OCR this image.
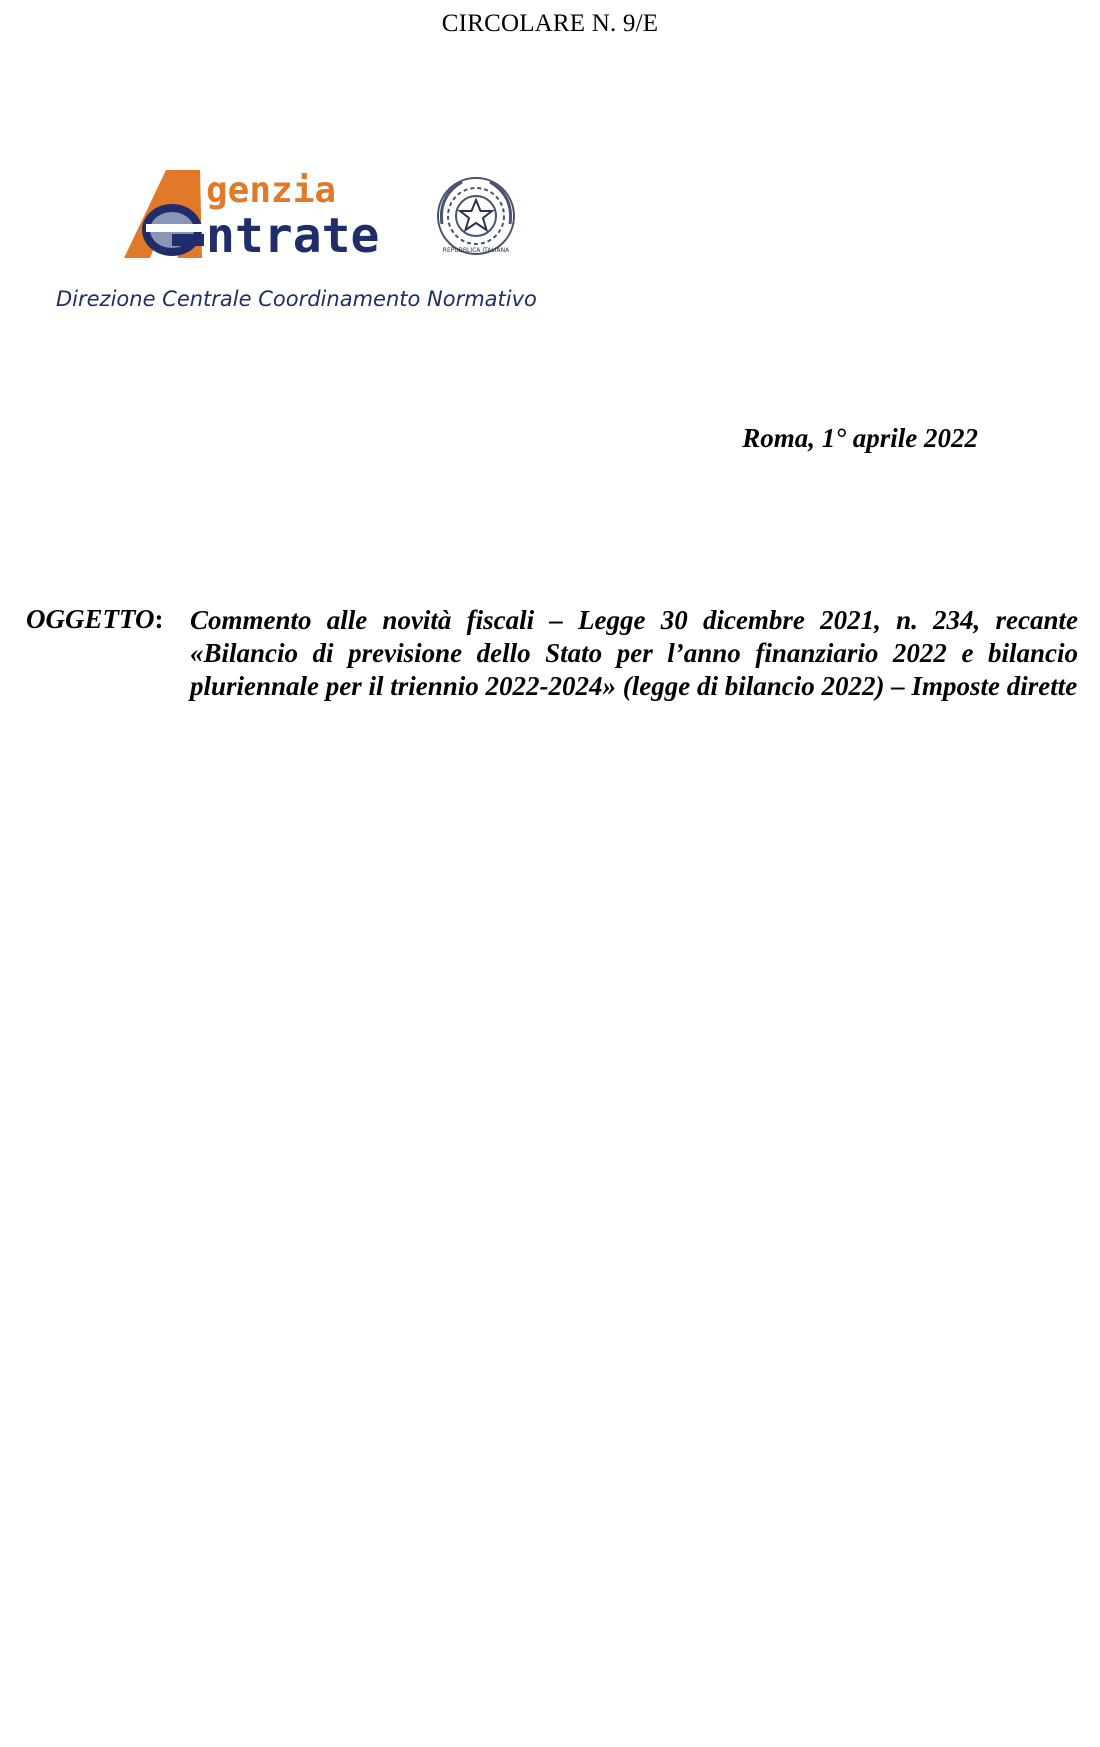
CIRCOLARE N. 9/E
genzia
ntrate	REPUBBLICA ITALIANA
Direzione Centrale Coordinamento Normativo
Roma, 1° aprile 2022
OGGETTO: Commento alle novità fiscali – Legge 30 dicembre 2021, n. 234, recante «Bilancio di previsione dello Stato per l’anno finanziario 2022 e bilancio pluriennale per il triennio 2022-2024» (legge di bilancio 2022) – Imposte dirette
